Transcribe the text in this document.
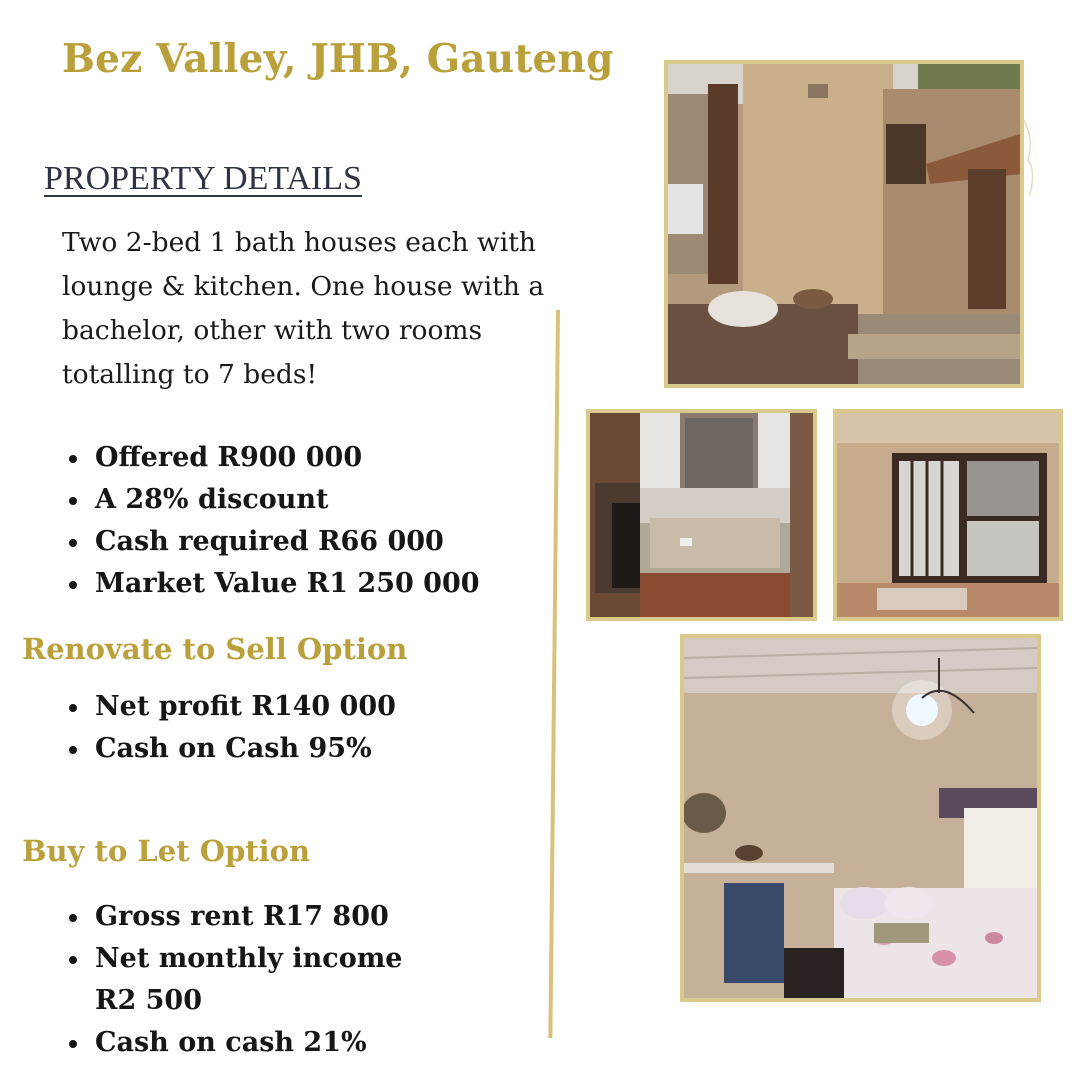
Bez Valley, JHB, Gauteng
PROPERTY DETAILS
Two 2-bed 1 bath houses each with lounge & kitchen. One house with a bachelor, other with two rooms totalling to 7 beds!
Offered R900 000
A 28% discount
Cash required R66 000
Market Value R1 250 000
Renovate to Sell Option
Net profit R140 000
Cash on Cash 95%
Buy to Let Option
Gross rent R17 800
Net monthly income R2 500
Cash on cash 21%
